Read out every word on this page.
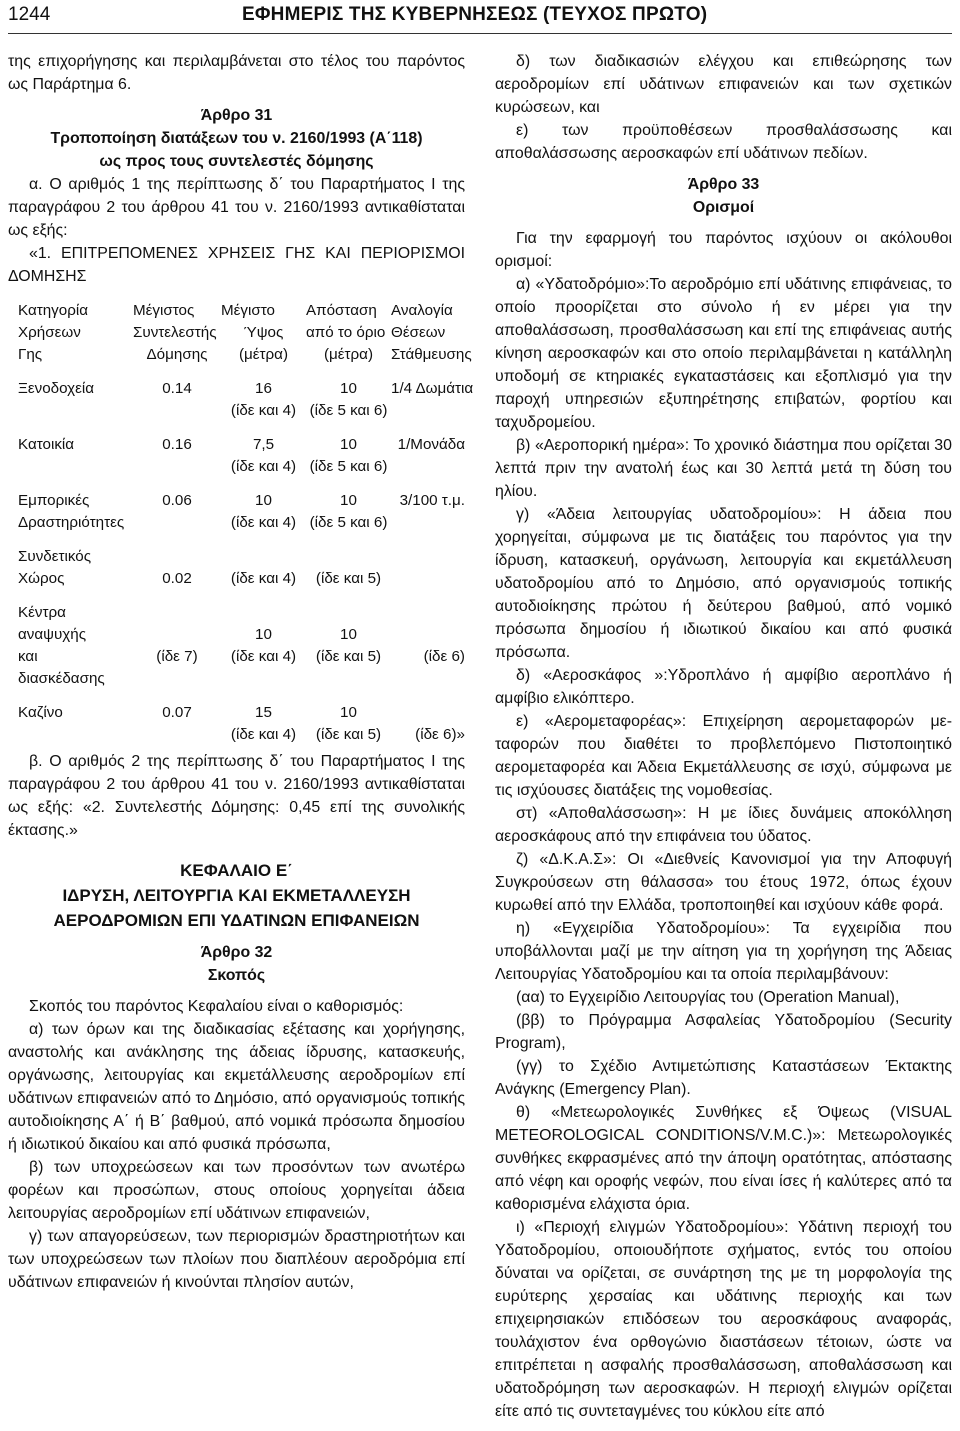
1244	ΕΦΗΜΕΡΙΣ ΤΗΣ ΚΥΒΕΡΝΗΣΕΩΣ (ΤΕΥΧΟΣ ΠΡΩΤΟ)

της επιχορήγησης και περιλαμβάνεται στο τέλος του παρόντος ως Παράρτημα 6.

Άρθρο 31

Τροποποίηση διατάξεων του ν. 2160/1993 (Α΄118)

ως προς τους συντελεστές δόμησης

α. Ο αριθμός 1 της περίπτωσης δ΄ του Παραρτήματος Ι της παραγράφου 2 του άρθρου 41 του ν. 2160/1993 αντικαθίσταται ως εξής:

«1. ΕΠΙΤΡΕΠΟΜΕΝΕΣ ΧΡΗΣΕΙΣ ΓΗΣ ΚΑΙ ΠΕΡΙΟΡΙΣΜΟΙ ΔΟΜΗΣΗΣ

Κατηγορία	Μέγιστος	Μέγιστο	Απόσταση	Αναλογία
Χρήσεων	Συντελεστής	Ύψος	από το όριο	Θέσεων
Γης	Δόμησης	(μέτρα)	(μέτρα)	Στάθμευσης

Ξενοδοχεία	0.14	16	10	1/4 Δωμάτια
		(ίδε και 4)	(ίδε 5 και 6)	

Κατοικία	0.16	7,5	10	1/Μονάδα
		(ίδε και 4)	(ίδε 5 και 6)	

Εμπορικές	0.06	10	10	3/100 τ.μ.
Δραστηριότητες		(ίδε και 4)	(ίδε 5 και 6)	

Συνδετικός				
Χώρος	0.02	(ίδε και 4)	(ίδε και 5)	

Κέντρα				
αναψυχής		10	10	
και	(ίδε 7)	(ίδε και 4)	(ίδε και 5)	(ίδε 6)
διασκέδασης				

Καζίνο	0.07	15	10	
		(ίδε και 4)	(ίδε και 5)	(ίδε 6)»

β. Ο αριθμός 2 της περίπτωσης δ΄ του Παραρτήματος Ι της παραγράφου 2 του άρθρου 41 του ν. 2160/1993 αντικαθίσταται ως εξής: «2. Συντελεστής Δόμησης: 0,45 επί της συνολικής έκτασης.»

ΚΕΦΑΛΑΙΟ Ε΄

ΙΔΡΥΣΗ, ΛΕΙΤΟΥΡΓΙΑ ΚΑΙ ΕΚΜΕΤΑΛΛΕΥΣΗ

ΑΕΡΟΔΡΟΜΙΩΝ ΕΠΙ ΥΔΑΤΙΝΩΝ ΕΠΙΦΑΝΕΙΩΝ

Άρθρο 32

Σκοπός

Σκοπός του παρόντος Κεφαλαίου είναι ο καθορισμός:

α) των όρων και της διαδικασίας εξέτασης και χορήγησης, αναστολής και ανάκλησης της άδειας ίδρυσης, κατασκευής, οργάνωσης, λειτουργίας και εκμετάλλευσης αεροδρομίων επί υδάτινων επιφανειών από το Δημόσιο, από οργανισμούς τοπικής αυτοδιοίκησης Α΄ ή Β΄ βαθμού, από νομικά πρόσωπα δημοσίου ή ιδιωτικού δικαίου και από φυσικά πρόσωπα,

β) των υποχρεώσεων και των προσόντων των ανωτέρω φορέων και προσώπων, στους οποίους χορηγείται άδεια λειτουργίας αεροδρομίων επί υδάτινων επιφανειών,

γ) των απαγορεύσεων, των περιορισμών δραστηριοτήτων και των υποχρεώσεων των πλοίων που διαπλέουν αεροδρόμια επί υδάτινων επιφανειών ή κινούνται πλησίον αυτών,

δ) των διαδικασιών ελέγχου και επιθεώρησης των αεροδρομίων επί υδάτινων επιφανειών και των σχετικών κυρώσεων, και

ε) των προϋποθέσεων προσθαλάσσωσης και αποθαλάσσωσης αεροσκαφών επί υδάτινων πεδίων.

Άρθρο 33

Ορισμοί

Για την εφαρμογή του παρόντος ισχύουν οι ακόλουθοι ορισμοί:

α) «Υδατοδρόμιο»:Το αεροδρόμιο επί υδάτινης επιφάνειας, το οποίο προορίζεται στο σύνολο ή εν μέρει για την αποθαλάσσωση, προσθαλάσσωση και επί της επιφάνειας αυτής κίνηση αεροσκαφών και στο οποίο περιλαμβάνεται η κατάλληλη υποδομή σε κτηριακές εγκαταστάσεις και εξοπλισμό για την παροχή υπηρεσιών εξυπηρέτησης επιβατών, φορτίου και ταχυδρομείου.

β) «Αεροπορική ημέρα»: Το χρονικό διάστημα που ορίζεται 30 λεπτά πριν την ανατολή έως και 30 λεπτά μετά τη δύση του ηλίου.

γ) «Άδεια λειτουργίας υδατοδρομίου»: Η άδεια που χορηγείται, σύμφωνα με τις διατάξεις του παρόντος για την ίδρυση, κατασκευή, οργάνωση, λειτουργία και εκμετάλλευση υδατοδρομίου από το Δημόσιο, από οργανισμούς τοπικής αυτοδιοίκησης πρώτου ή δεύτερου βαθμού, από νομικό πρόσωπα δημοσίου ή ιδιωτικού δικαίου και από φυσικά πρόσωπα.

δ) «Αεροσκάφος »:Υδροπλάνο ή αμφίβιο αεροπλάνο ή αμφίβιο ελικόπτερο.

ε) «Αερομεταφορέας»: Επιχείρηση αερομεταφορών με-ταφορών που διαθέτει το προβλεπόμενο Πιστοποιητικό αερομεταφορέα και Άδεια Εκμετάλλευσης σε ισχύ, σύμφωνα με τις ισχύουσες διατάξεις της νομοθεσίας.

στ) «Αποθαλάσσωση»: Η με ίδιες δυνάμεις αποκόλληση αεροσκάφους από την επιφάνεια του ύδατος.

ζ) «Δ.Κ.Α.Σ»: Οι «Διεθνείς Κανονισμοί για την Αποφυγή Συγκρούσεων στη θάλασσα» του έτους 1972, όπως έχουν κυρωθεί από την Ελλάδα, τροποποιηθεί και ισχύουν κάθε φορά.

η) «Εγχειρίδια Υδατοδρομίου»: Τα εγχειρίδια που υποβάλλονται μαζί με την αίτηση για τη χορήγηση της Άδειας Λειτουργίας Υδατοδρομίου και τα οποία περιλαμβάνουν:

(αα) το Εγχειρίδιο Λειτουργίας του (Operation Manual),

(ββ) το Πρόγραμμα Ασφαλείας Υδατοδρομίου (Security Program),

(γγ) το Σχέδιο Αντιμετώπισης Καταστάσεων Έκτακτης Ανάγκης (Emergency Plan).

θ) «Μετεωρολογικές Συνθήκες εξ Όψεως (VISUAL METEOROLOGICAL CONDITIONS/V.M.C.)»: Μετεωρολογικές συνθήκες εκφρασμένες από την άποψη ορατότητας, απόστασης από νέφη και οροφής νεφών, που είναι ίσες ή καλύτερες από τα καθορισμένα ελάχιστα όρια.

ι) «Περιοχή ελιγμών Υδατοδρομίου»: Υδάτινη περιοχή του Υδατοδρομίου, οποιουδήποτε σχήματος, εντός του οποίου δύναται να ορίζεται, σε συνάρτηση της με τη μορφολογία της ευρύτερης χερσαίας και υδάτινης περιοχής και των επιχειρησιακών επιδόσεων του αεροσκάφους αναφοράς, τουλάχιστον ένα ορθογώνιο διαστάσεων τέτοιων, ώστε να επιτρέπεται η ασφαλής προσθαλάσσωση, αποθαλάσσωση και υδατοδρόμηση των αεροσκαφών. Η περιοχή ελιγμών ορίζεται είτε από τις συντεταγμένες του κύκλου είτε από
